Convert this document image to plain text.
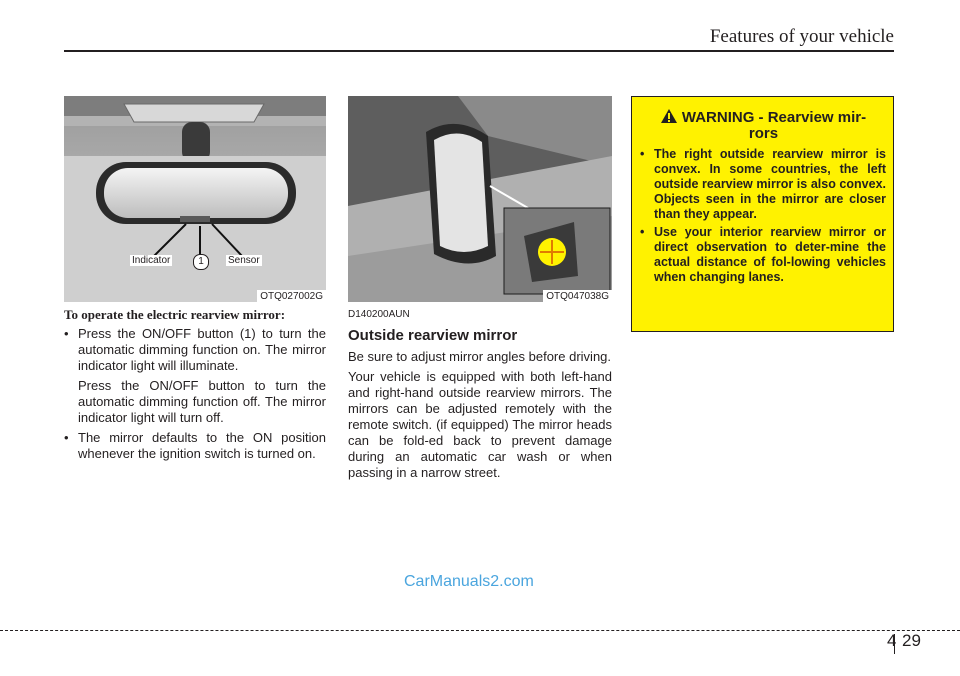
Features of your vehicle
Indicator	1	Sensor
OTQ027002G	OTQ047038G
To operate the electric rearview mirror:
• Press the ON/OFF button (1) to turn the automatic dimming function on. The mirror indicator light will illuminate.
Press the ON/OFF button to turn the automatic dimming function off. The mirror indicator light will turn off.
• The mirror defaults to the ON position whenever the ignition switch is turned on.
D140200AUN
Outside rearview mirror

Be sure to adjust mirror angles before driving.

Your vehicle is equipped with both left-hand and right-hand outside rearview mirrors. The mirrors can be adjusted remotely with the remote switch. (if equipped) The mirror heads can be fold-ed back to prevent damage during an automatic car wash or when passing in a narrow street.

WARNING - Rearview mir-
rors
• The right outside rearview mirror is convex. In some countries, the left outside rearview mirror is also convex. Objects seen in the mirror are closer than they appear.
• Use your interior rearview mirror or direct observation to deter-mine the actual distance of fol-lowing vehicles when changing lanes.
CarManuals2.com
4 29
